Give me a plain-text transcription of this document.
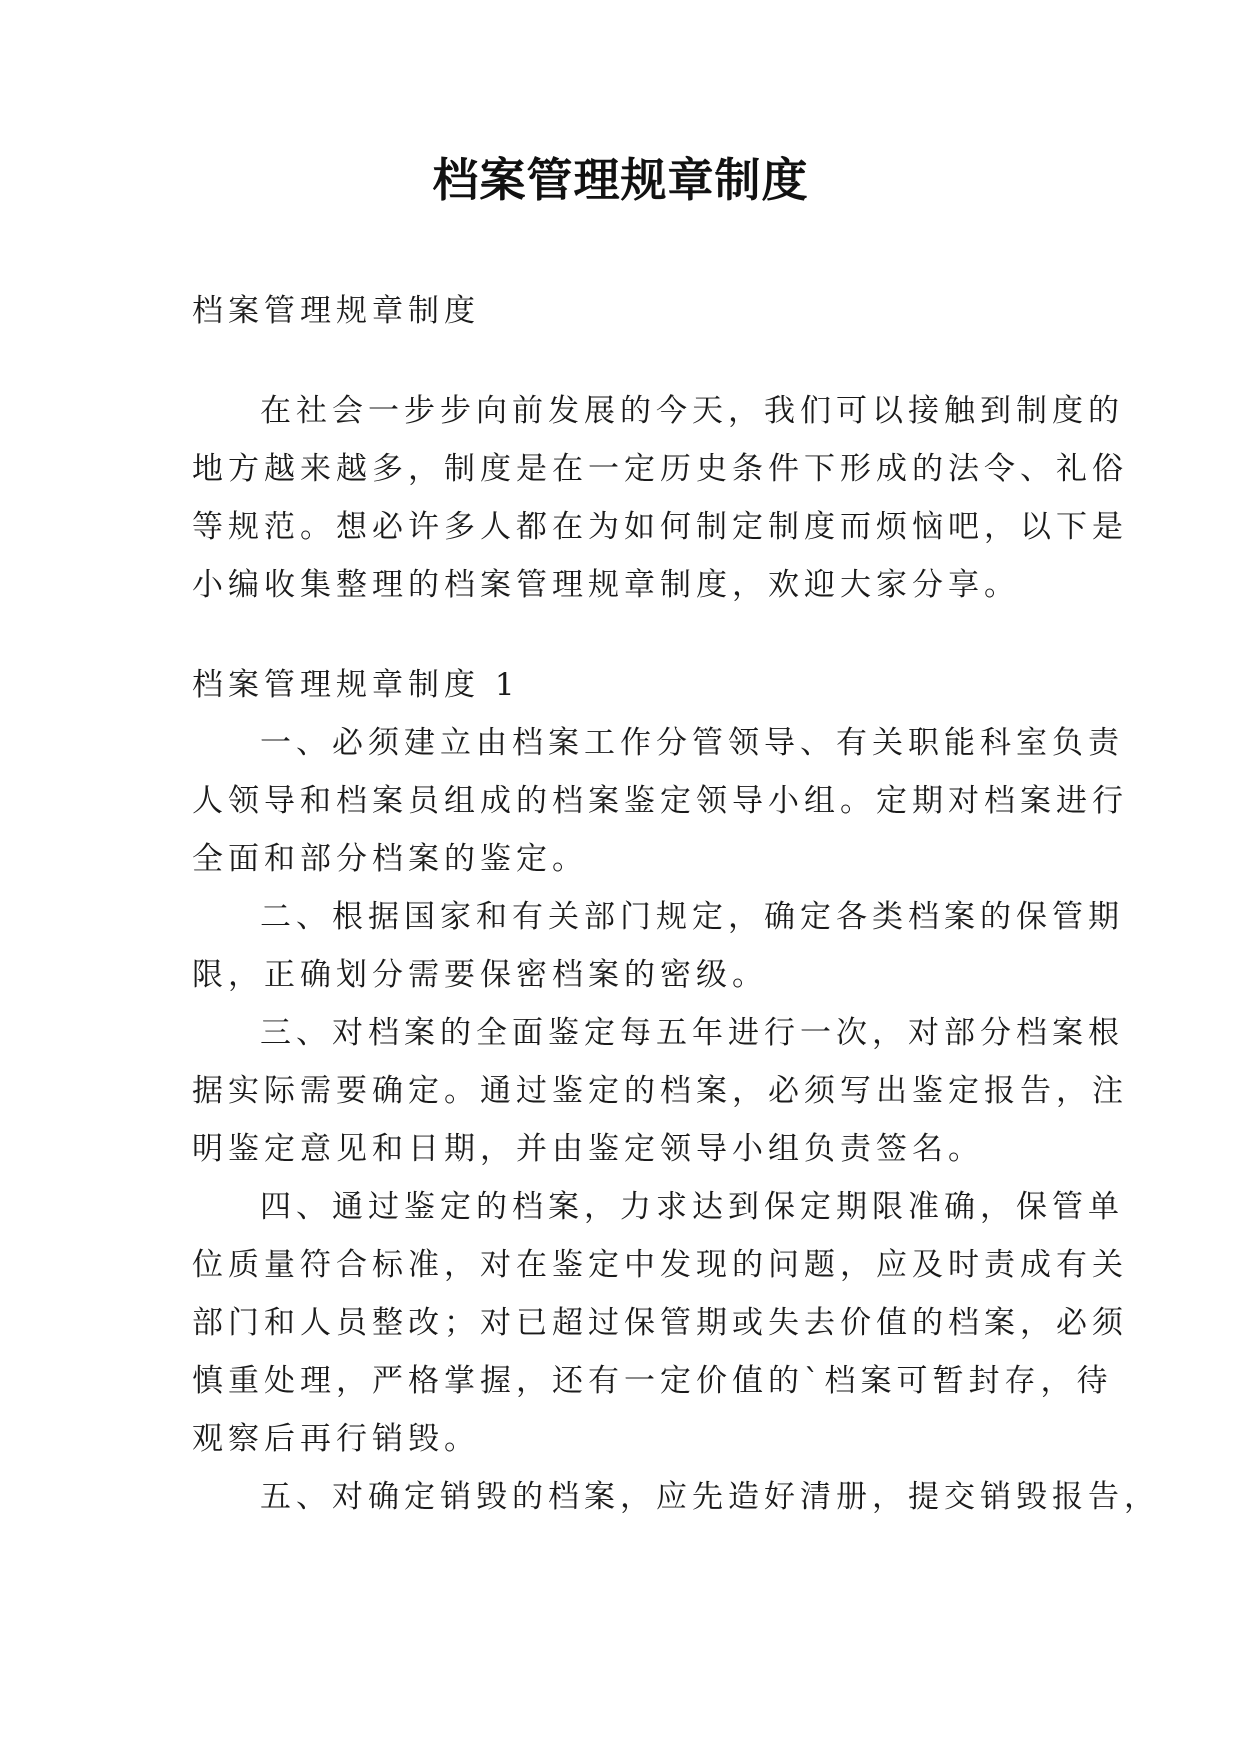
档案管理规章制度

档案管理规章制度

在社会一步步向前发展的今天，我们可以接触到制度的
地方越来越多，制度是在一定历史条件下形成的法令、礼俗
等规范。想必许多人都在为如何制定制度而烦恼吧，以下是
小编收集整理的档案管理规章制度，欢迎大家分享。

档案管理规章制度 1

一、必须建立由档案工作分管领导、有关职能科室负责
人领导和档案员组成的档案鉴定领导小组。定期对档案进行
全面和部分档案的鉴定。
二、根据国家和有关部门规定，确定各类档案的保管期
限，正确划分需要保密档案的密级。
三、对档案的全面鉴定每五年进行一次，对部分档案根
据实际需要确定。通过鉴定的档案，必须写出鉴定报告，注
明鉴定意见和日期，并由鉴定领导小组负责签名。
四、通过鉴定的档案，力求达到保定期限准确，保管单
位质量符合标准，对在鉴定中发现的问题，应及时责成有关
部门和人员整改；对已超过保管期或失去价值的档案，必须
慎重处理，严格掌握，还有一定价值的`档案可暂封存，待
观察后再行销毁。
五、对确定销毁的档案，应先造好清册，提交销毁报告，
